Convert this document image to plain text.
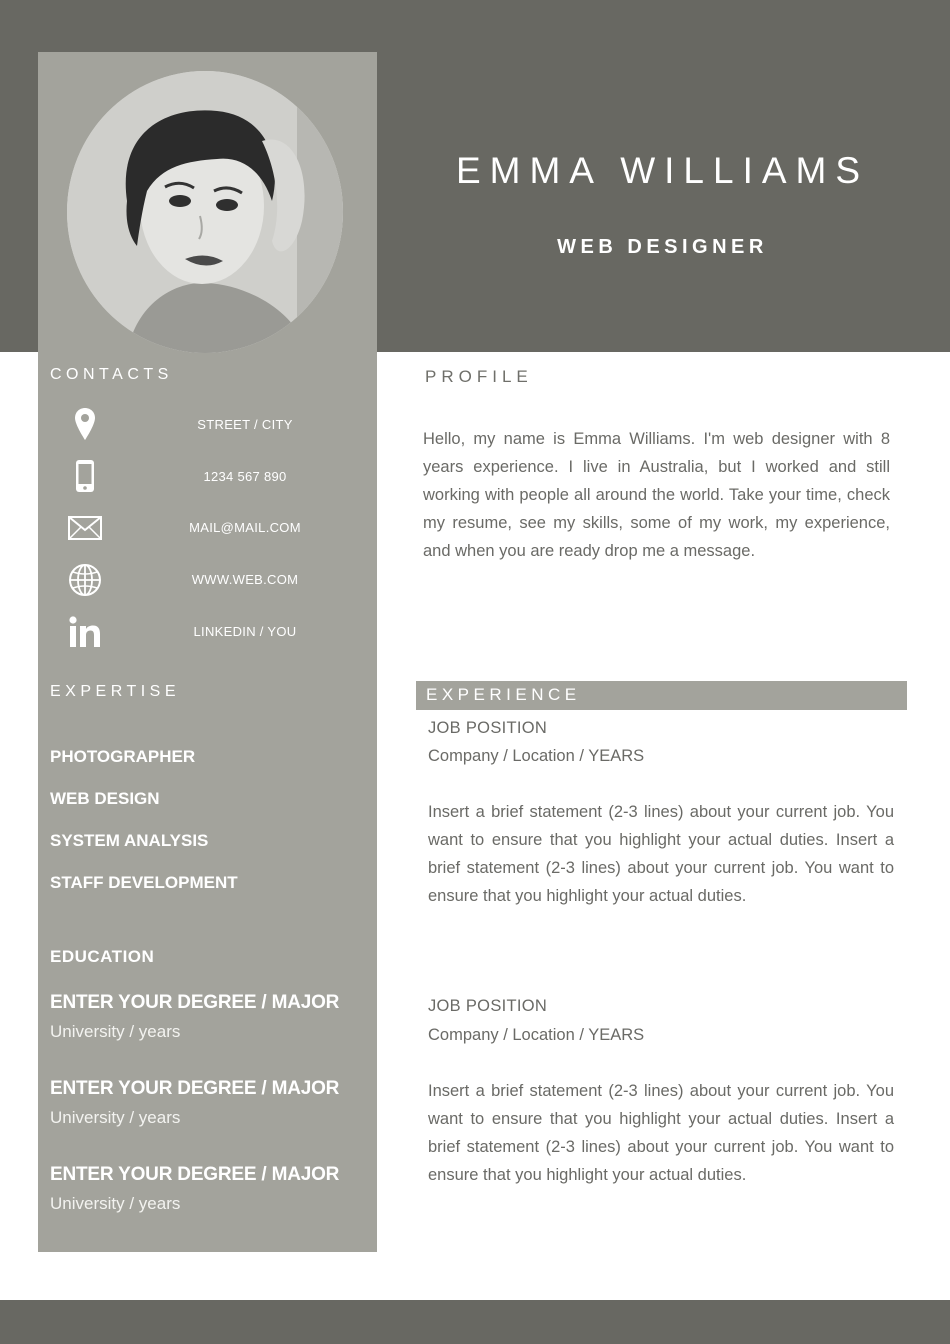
EMMA WILLIAMS
WEB DESIGNER
CONTACTS
STREET / CITY
1234 567 890
MAIL@MAIL.COM
WWW.WEB.COM
LINKEDIN / YOU
EXPERTISE

PHOTOGRAPHER

WEB DESIGN

SYSTEM ANALYSIS

STAFF DEVELOPMENT

EDUCATION

ENTER YOUR DEGREE / MAJOR

University / years

ENTER YOUR DEGREE / MAJOR

University / years

ENTER YOUR DEGREE / MAJOR

University / years

PROFILE

Hello, my name is Emma Williams. I'm web designer with 8 years experience. I live in Australia, but I worked and still working with people all around the world. Take your time, check my resume, see my skills, some of my work, my experience, and when you are ready drop me a message.

EXPERIENCE

JOB POSITION

Company / Location / YEARS

Insert a brief statement (2-3 lines) about your current job. You want to ensure that you highlight your actual duties. Insert a brief statement (2-3 lines) about your current job. You want to ensure that you highlight your actual duties.

JOB POSITION

Company / Location / YEARS

Insert a brief statement (2-3 lines) about your current job. You want to ensure that you highlight your actual duties. Insert a brief statement (2-3 lines) about your current job. You want to ensure that you highlight your actual duties.
